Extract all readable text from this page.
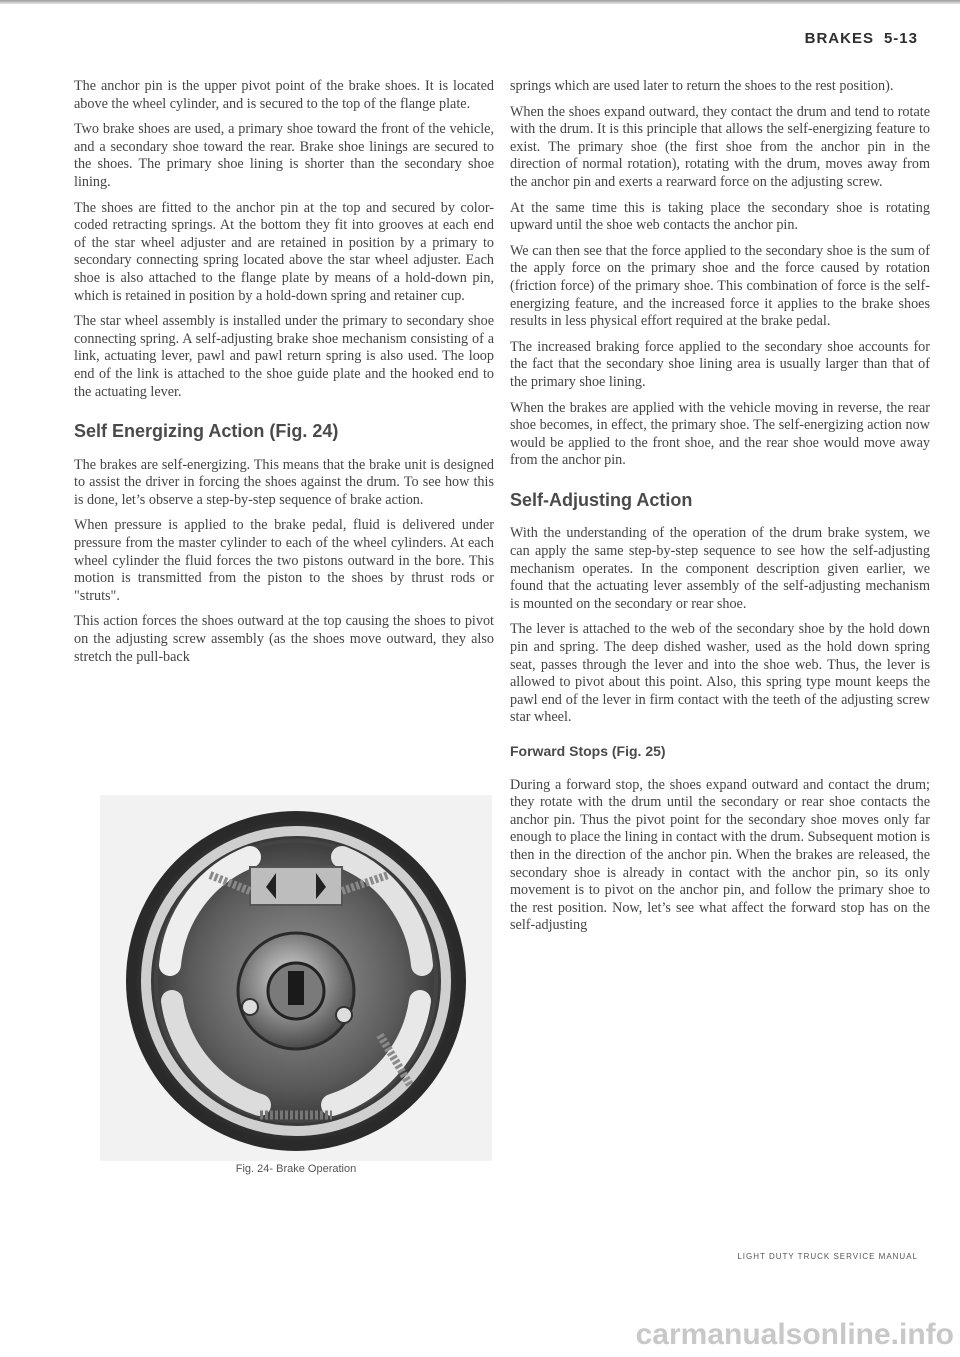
BRAKES 5-13

The anchor pin is the upper pivot point of the brake shoes. It is located above the wheel cylinder, and is secured to the top of the flange plate.

Two brake shoes are used, a primary shoe toward the front of the vehicle, and a secondary shoe toward the rear. Brake shoe linings are secured to the shoes. The primary shoe lining is shorter than the secondary shoe lining.

The shoes are fitted to the anchor pin at the top and secured by color-coded retracting springs. At the bottom they fit into grooves at each end of the star wheel adjuster and are retained in position by a primary to secondary connecting spring located above the star wheel adjuster. Each shoe is also attached to the flange plate by means of a hold-down pin, which is retained in position by a hold-down spring and retainer cup.

The star wheel assembly is installed under the primary to secondary shoe connecting spring. A self-adjusting brake shoe mechanism consisting of a link, actuating lever, pawl and pawl return spring is also used. The loop end of the link is attached to the shoe guide plate and the hooked end to the actuating lever.

Self Energizing Action (Fig. 24)

The brakes are self-energizing. This means that the brake unit is designed to assist the driver in forcing the shoes against the drum. To see how this is done, let’s observe a step-by-step sequence of brake action.

When pressure is applied to the brake pedal, fluid is delivered under pressure from the master cylinder to each of the wheel cylinders. At each wheel cylinder the fluid forces the two pistons outward in the bore. This motion is transmitted from the piston to the shoes by thrust rods or "struts".

This action forces the shoes outward at the top causing the shoes to pivot on the adjusting screw assembly (as the shoes move outward, they also stretch the pull-back

Fig. 24- Brake Operation

springs which are used later to return the shoes to the rest position).

When the shoes expand outward, they contact the drum and tend to rotate with the drum. It is this principle that allows the self-energizing feature to exist. The primary shoe (the first shoe from the anchor pin in the direction of normal rotation), rotating with the drum, moves away from the anchor pin and exerts a rearward force on the adjusting screw.

At the same time this is taking place the secondary shoe is rotating upward until the shoe web contacts the anchor pin.

We can then see that the force applied to the secondary shoe is the sum of the apply force on the primary shoe and the force caused by rotation (friction force) of the primary shoe. This combination of force is the self-energizing feature, and the increased force it applies to the brake shoes results in less physical effort required at the brake pedal.

The increased braking force applied to the secondary shoe accounts for the fact that the secondary shoe lining area is usually larger than that of the primary shoe lining.

When the brakes are applied with the vehicle moving in reverse, the rear shoe becomes, in effect, the primary shoe. The self-energizing action now would be applied to the front shoe, and the rear shoe would move away from the anchor pin.

Self-Adjusting Action

With the understanding of the operation of the drum brake system, we can apply the same step-by-step sequence to see how the self-adjusting mechanism operates. In the component description given earlier, we found that the actuating lever assembly of the self-adjusting mechanism is mounted on the secondary or rear shoe.

The lever is attached to the web of the secondary shoe by the hold down pin and spring. The deep dished washer, used as the hold down spring seat, passes through the lever and into the shoe web. Thus, the lever is allowed to pivot about this point. Also, this spring type mount keeps the pawl end of the lever in firm contact with the teeth of the adjusting screw star wheel.

Forward Stops (Fig. 25)

During a forward stop, the shoes expand outward and contact the drum; they rotate with the drum until the secondary or rear shoe contacts the anchor pin. Thus the pivot point for the secondary shoe moves only far enough to place the lining in contact with the drum. Subsequent motion is then in the direction of the anchor pin. When the brakes are released, the secondary shoe is already in contact with the anchor pin, so its only movement is to pivot on the anchor pin, and follow the primary shoe to the rest position. Now, let’s see what affect the forward stop has on the self-adjusting

LIGHT DUTY TRUCK SERVICE MANUAL
carmanualsonline.info
